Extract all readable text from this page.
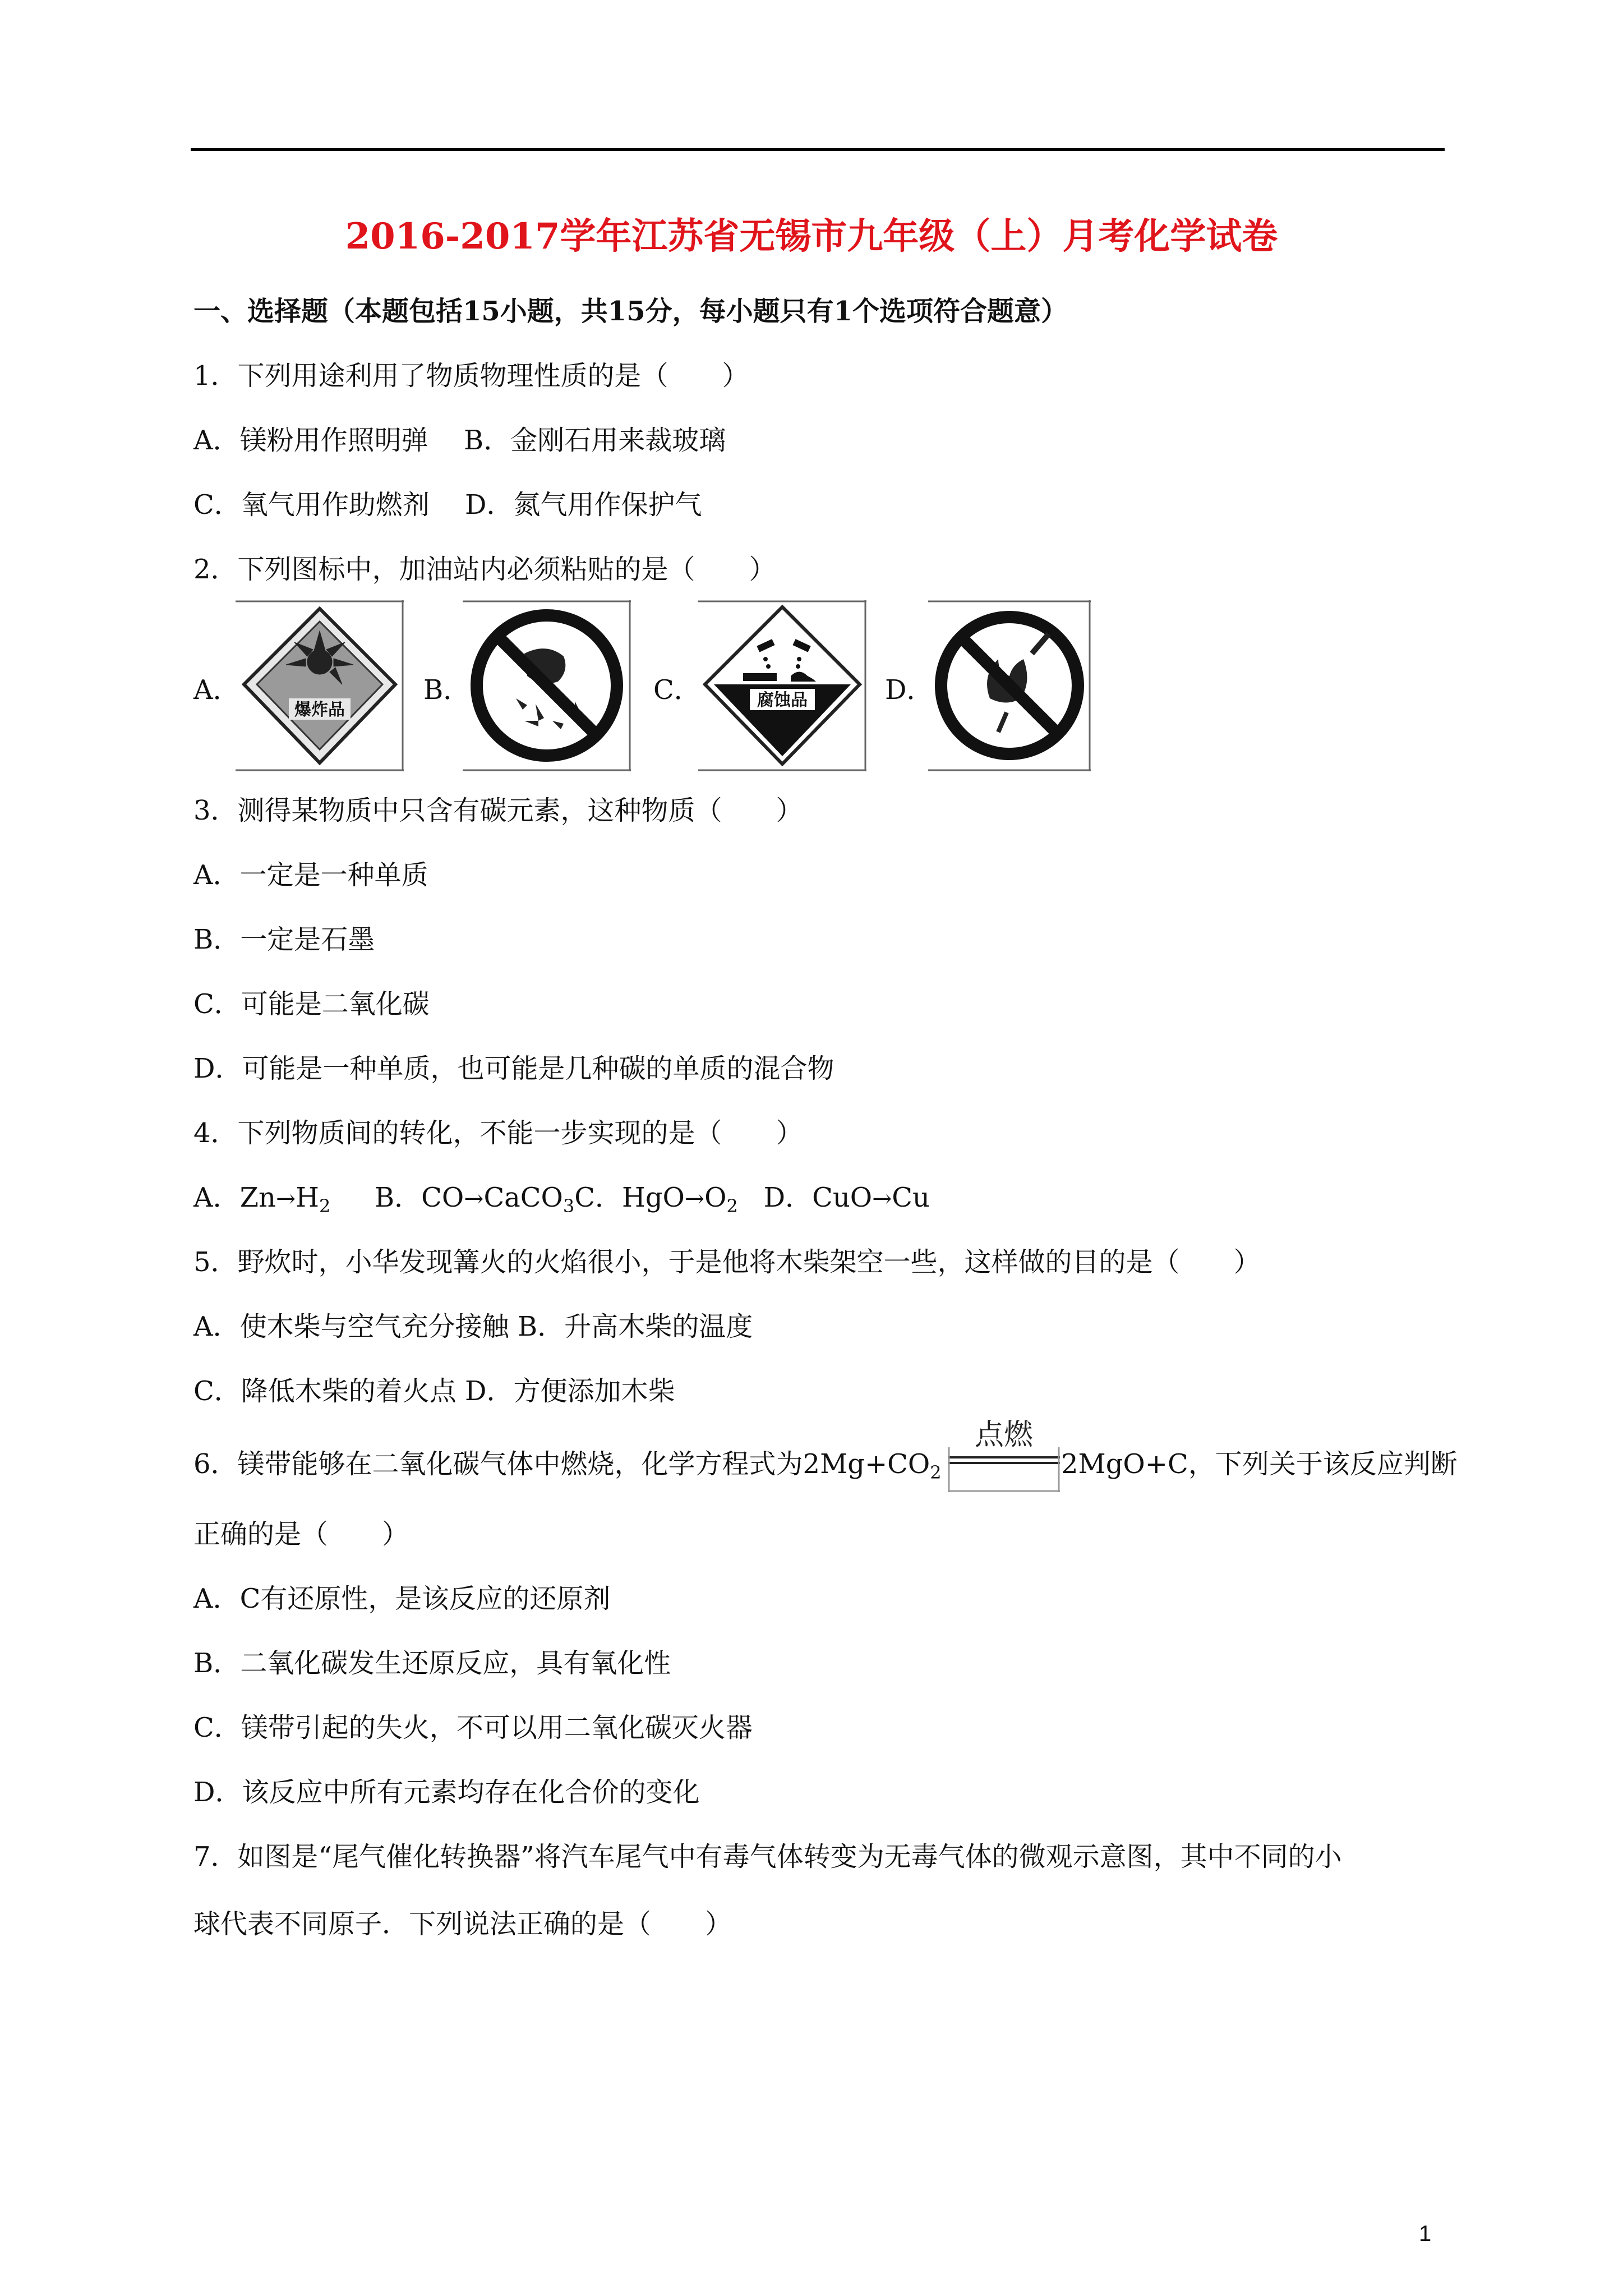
2016-2017学年江苏省无锡市九年级（上）月考化学试卷
一、选择题（本题包括15小题，共15分，每小题只有1个选项符合题意）
1．下列用途利用了物质物理性质的是（　　）
A．镁粉用作照明弹　 B．金刚石用来裁玻璃
C．氧气用作助燃剂　 D．氮气用作保护气
2．下列图标中，加油站内必须粘贴的是（　　）
A．
爆炸品
B．	C．	腐蚀品	D．
3．测得某物质中只含有碳元素，这种物质（　　）
A．一定是一种单质
B．一定是石墨
C．可能是二氧化碳
D．可能是一种单质，也可能是几种碳的单质的混合物
4．下列物质间的转化，不能一步实现的是（　　）
A．$Zn\to H_2$　 B．CO→CaCO$_3$C．$HgO\to O_2$ D．CuO→Cu
5．野炊时，小华发现篝火的火焰很小，于是他将木柴架空一些，这样做的目的是（　　）
A．使木柴与空气充分接触 B．升高木柴的温度
C．降低木柴的着火点 D．方便添加木柴
6．镁带能够在二氧化碳气体中燃烧，化学方程式为$2Mg+CO_2$
点燃
2MgO+C，下列关于该反应判断
正确的是（　　）
A．C有还原性，是该反应的还原剂
B．二氧化碳发生还原反应，具有氧化性
C．镁带引起的失火，不可以用二氧化碳灭火器
D．该反应中所有元素均存在化合价的变化
7．如图是“尾气催化转换器”将汽车尾气中有毒气体转变为无毒气体的微观示意图，其中不同的小
球代表不同原子．下列说法正确的是（　　）
1
